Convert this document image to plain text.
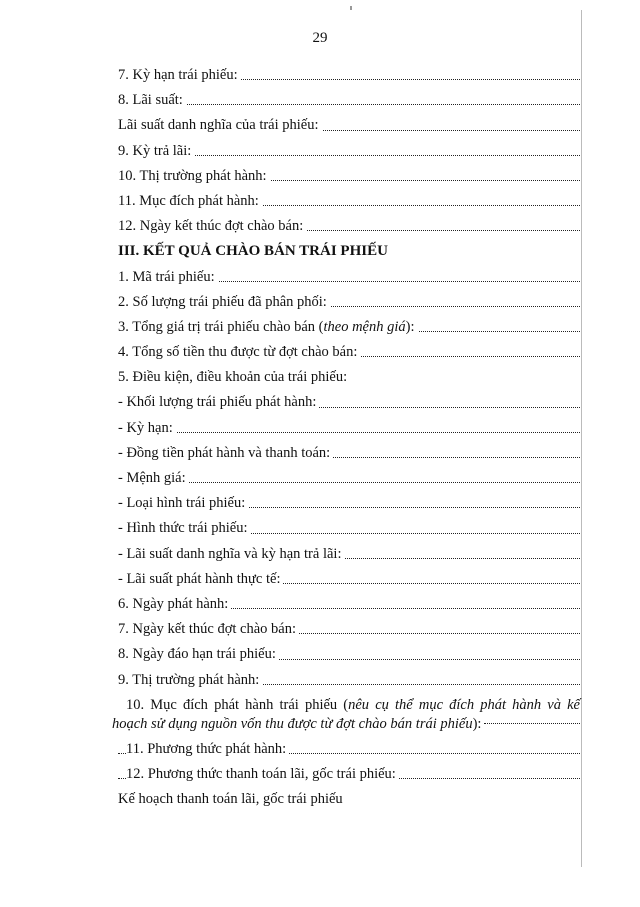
29
7. Kỳ hạn trái phiếu:
8. Lãi suất:
Lãi suất danh nghĩa của trái phiếu:
9. Kỳ trả lãi:
10. Thị trường phát hành:
11. Mục đích phát hành:
12. Ngày kết thúc đợt chào bán:
III. KẾT QUẢ CHÀO BÁN TRÁI PHIẾU
1. Mã trái phiếu:
2. Số lượng trái phiếu đã phân phối:
3. Tổng giá trị trái phiếu chào bán (theo mệnh giá):
4. Tổng số tiền thu được từ đợt chào bán:
5. Điều kiện, điều khoản của trái phiếu:
- Khối lượng trái phiếu phát hành:
- Kỳ hạn:
- Đồng tiền phát hành và thanh toán:
- Mệnh giá:
- Loại hình trái phiếu:
- Hình thức trái phiếu:
- Lãi suất danh nghĩa và kỳ hạn trả lãi:
- Lãi suất phát hành thực tế:
6. Ngày phát hành:
7. Ngày kết thúc đợt chào bán:
8. Ngày đáo hạn trái phiếu:
9. Thị trường phát hành:
10. Mục đích phát hành trái phiếu (nêu cụ thể mục đích phát hành và kế
hoạch sử dụng nguồn vốn thu được từ đợt chào bán trái phiếu ):
11. Phương thức phát hành:
12. Phương thức thanh toán lãi, gốc trái phiếu:
Kế hoạch thanh toán lãi, gốc trái phiếu
